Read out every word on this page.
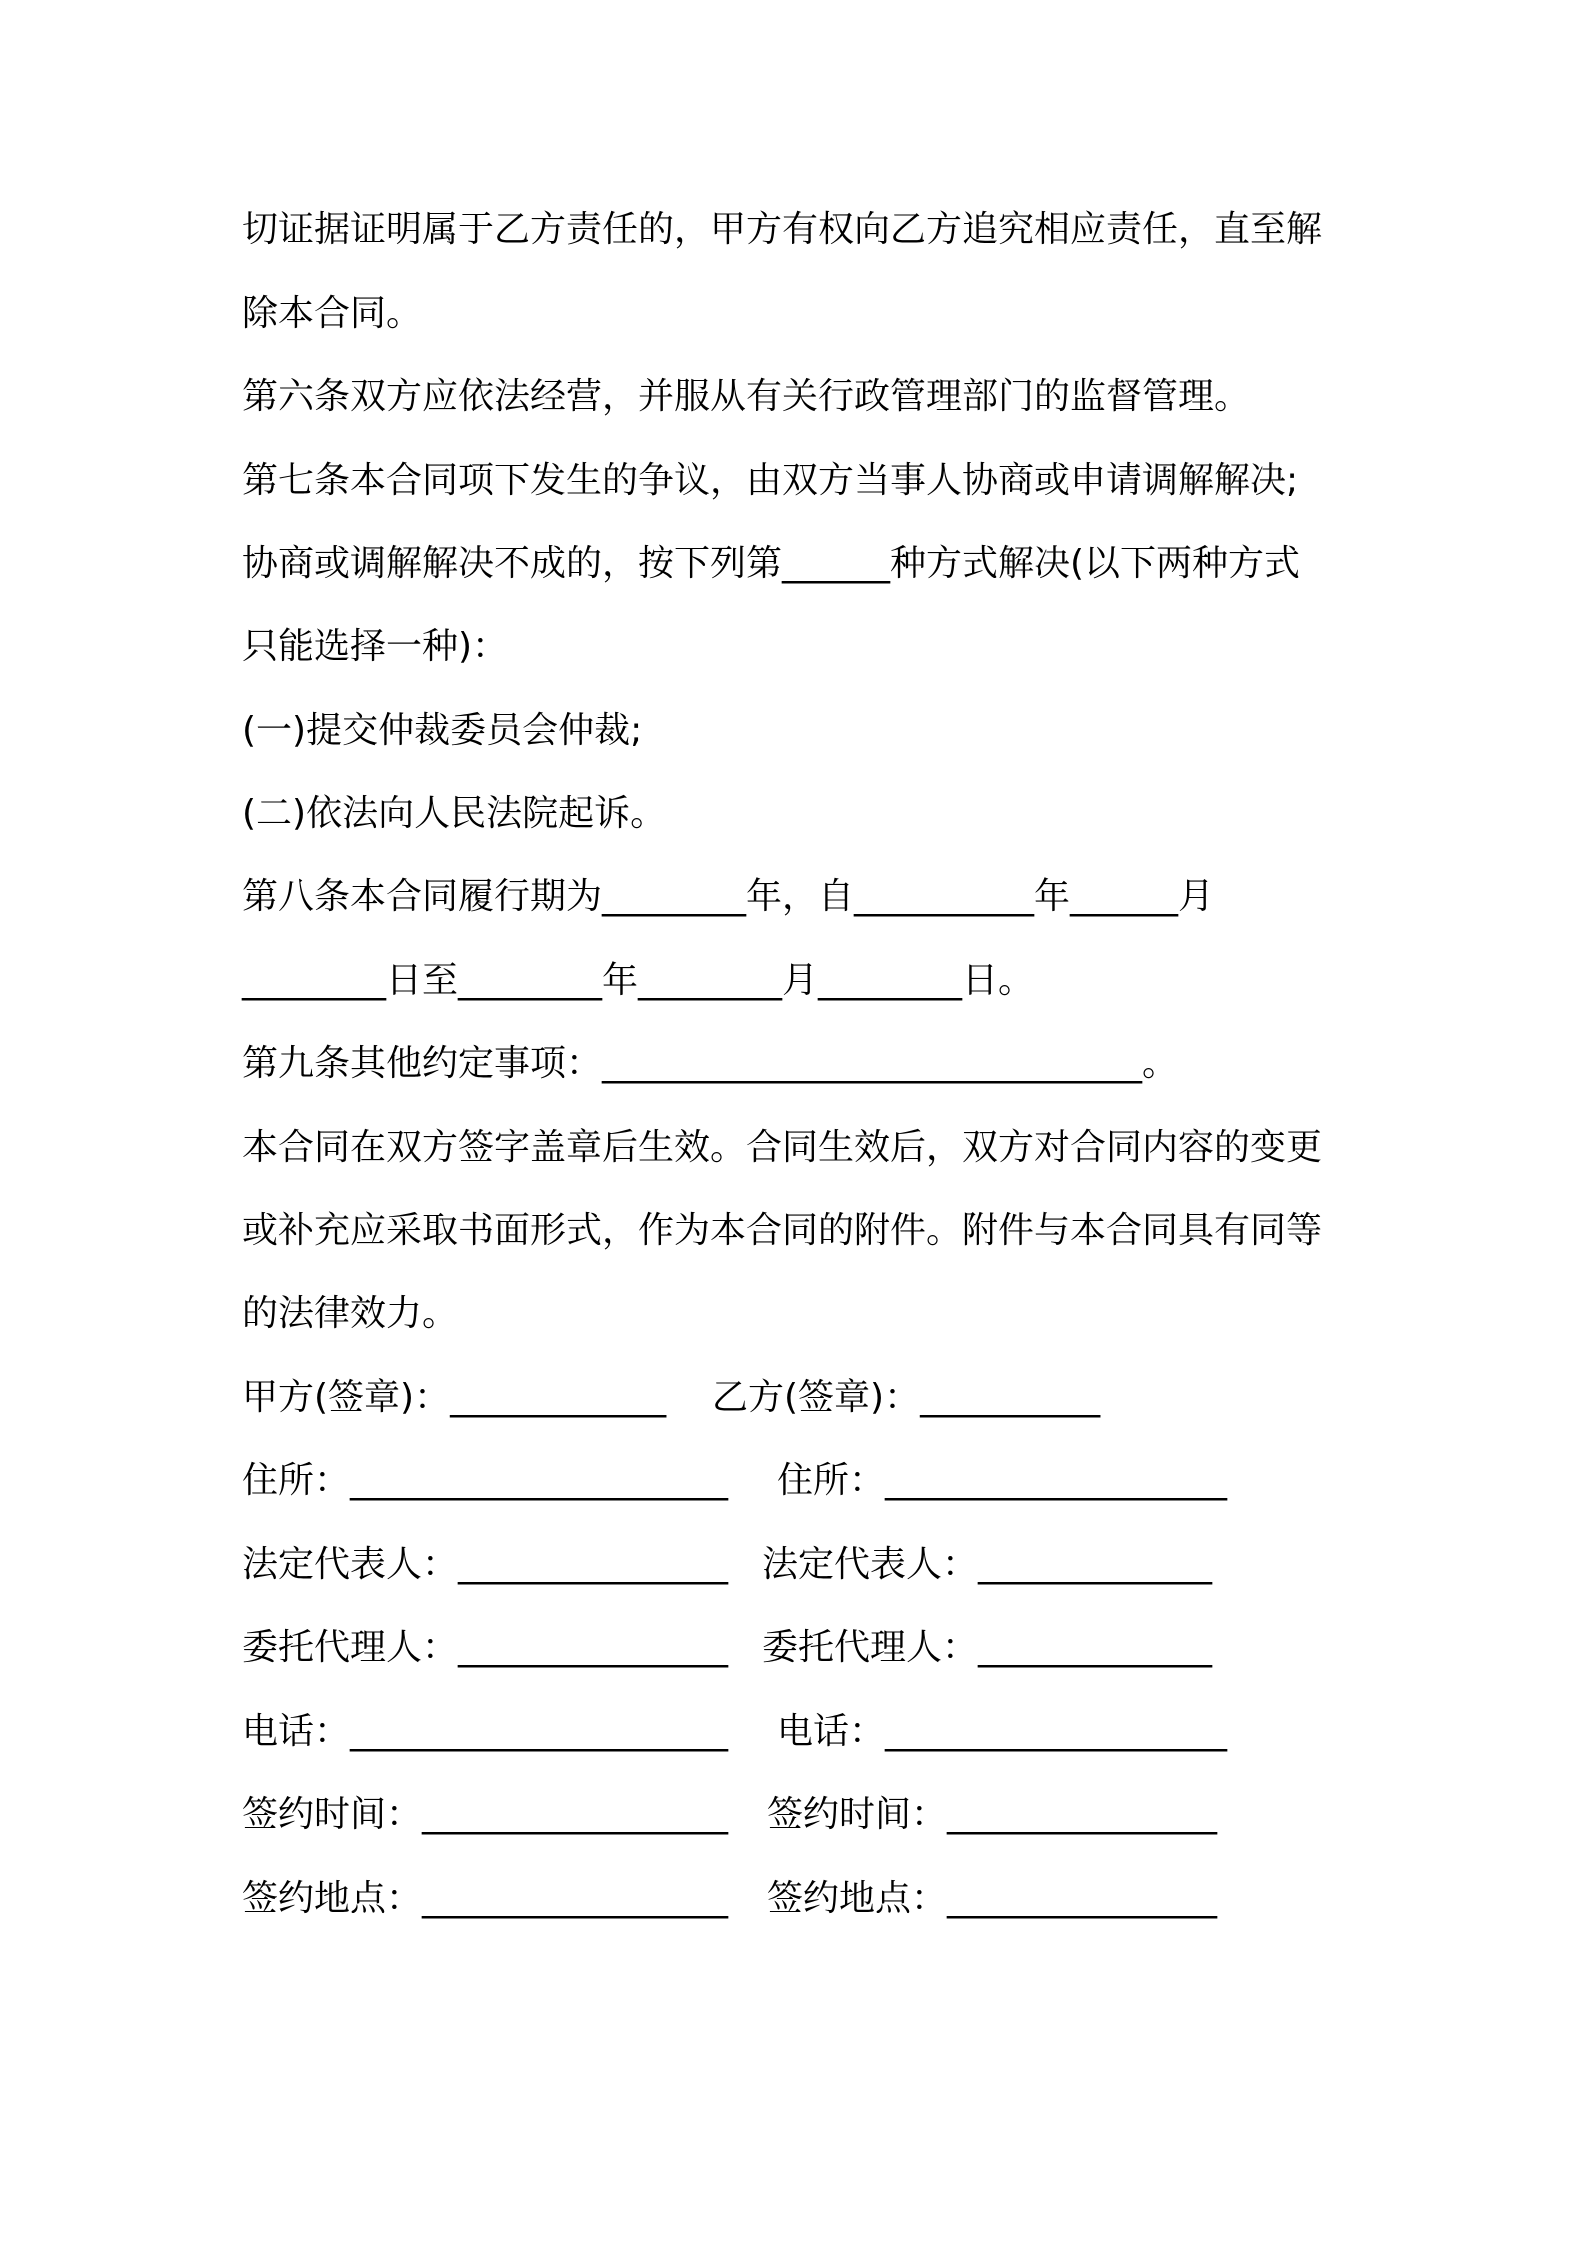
切证据证明属于乙方责任的，甲方有权向乙方追究相应责任，直至解
除本合同。
第六条双方应依法经营，并服从有关行政管理部门的监督管理。
第七条本合同项下发生的争议，由双方当事人协商或申请调解解决;
协商或调解解决不成的，按下列第______种方式解决(以下两种方式
只能选择一种)：
(一)提交仲裁委员会仲裁;
(二)依法向人民法院起诉。
第八条本合同履行期为________年，自__________年______月
________日至________年________月________日。
第九条其他约定事项：______________________________。
本合同在双方签字盖章后生效。合同生效后，双方对合同内容的变更
或补充应采取书面形式，作为本合同的附件。附件与本合同具有同等
的法律效力。
甲方(签章)：____________ 乙方(签章)：__________
住所：_____________________ 住所：___________________
法定代表人：_______________ 法定代表人：_____________
委托代理人：_______________ 委托代理人：_____________
电话：_____________________ 电话：___________________
签约时间：_________________ 签约时间：_______________
签约地点：_________________ 签约地点：_______________
